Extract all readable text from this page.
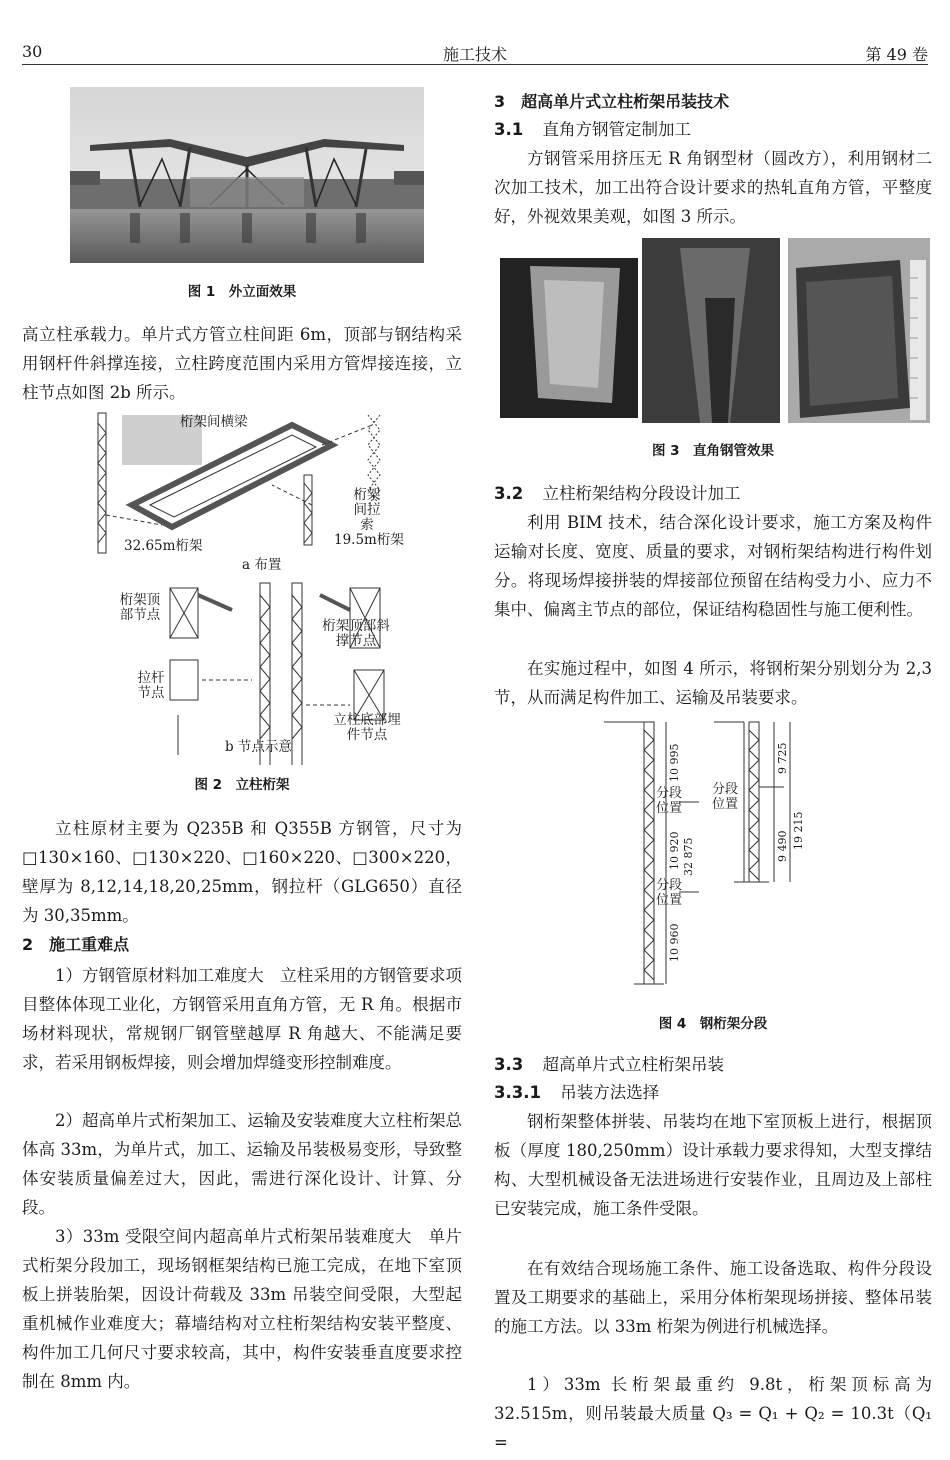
30	施工技术	第 49 卷
图 1　外立面效果

高立柱承载力。单片式方管立柱间距 6m，顶部与钢结构采用钢杆件斜撑连接，立柱跨度范围内采用方管焊接连接，立柱节点如图 2b 所示。

桁架间横梁
桁架间拉索
32.65m桁架	19.5m桁架
a 布置
桁架顶部节点
桁架顶部斜撑节点
拉杆节点
立柱底部埋件节点
b 节点示意
图 2　立柱桁架

立柱原材主要为 Q235B 和 Q355B 方钢管，尺寸为□130×160、□130×220、□160×220、□300×220，壁厚为 8,12,14,18,20,25mm，钢拉杆（GLG650）直径为 30,35mm。

2　施工重难点

1）方钢管原材料加工难度大　立柱采用的方钢管要求项目整体体现工业化，方钢管采用直角方管，无 R 角。根据市场材料现状，常规钢厂钢管壁越厚 R 角越大、不能满足要求，若采用钢板焊接，则会增加焊缝变形控制难度。

2）超高单片式桁架加工、运输及安装难度大立柱桁架总体高 33m，为单片式，加工、运输及吊装极易变形，导致整体安装质量偏差过大，因此，需进行深化设计、计算、分段。

3）33m 受限空间内超高单片式桁架吊装难度大　单片式桁架分段加工，现场钢框架结构已施工完成，在地下室顶板上拼装胎架，因设计荷载及 33m 吊装空间受限，大型起重机械作业难度大；幕墙结构对立柱桁架结构安装平整度、构件加工几何尺寸要求较高，其中，构件安装垂直度要求控制在 8mm 内。

3　超高单片式立柱桁架吊装技术
3.1 直角方钢管定制加工

方钢管采用挤压无 R 角钢型材（圆改方），利用钢材二次加工技术，加工出符合设计要求的热轧直角方管，平整度好，外视效果美观，如图 3 所示。

图 3　直角钢管效果
3.2 立柱桁架结构分段设计加工

利用 BIM 技术，结合深化设计要求，施工方案及构件运输对长度、宽度、质量的要求，对钢桁架结构进行构件划分。将现场焊接拼装的焊接部位预留在结构受力小、应力不集中、偏离主节点的部位，保证结构稳固性与施工便利性。

在实施过程中，如图 4 所示，将钢桁架分别划分为 2,3 节，从而满足构件加工、运输及吊装要求。

10 995
10 920 32 875
10 960
9 725
19 215
9 490
分段位置
分段位置
分段位置
图 4　钢桁架分段
3.3 超高单片式立柱桁架吊装
3.3.1 吊装方法选择

钢桁架整体拼装、吊装均在地下室顶板上进行，根据顶板（厚度 180,250mm）设计承载力要求得知，大型支撑结构、大型机械设备无法进场进行安装作业，且周边及上部柱已安装完成，施工条件受限。

在有效结合现场施工条件、施工设备选取、构件分段设置及工期要求的基础上，采用分体桁架现场拼接、整体吊装的施工方法。以 33m 桁架为例进行机械选择。

1）33m 长桁架最重约 9.8t，桁架顶标高为 32.515m，则吊装最大质量 Q₃ = Q₁ + Q₂ = 10.3t（Q₁ =
